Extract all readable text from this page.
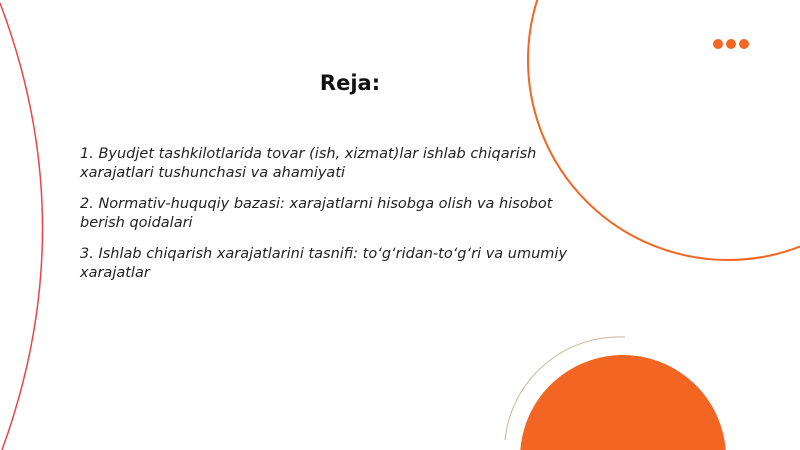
Reja:
1. Byudjet tashkilotlarida tovar (ish, xizmat)lar ishlab chiqarish xarajatlari tushunchasi va ahamiyati
2. Normativ-huquqiy bazasi: xarajatlarni hisobga olish va hisobot berish qoidalari
3. Ishlab chiqarish xarajatlarini tasnifi: to‘g‘ridan-to‘g‘ri va umumiy xarajatlar
